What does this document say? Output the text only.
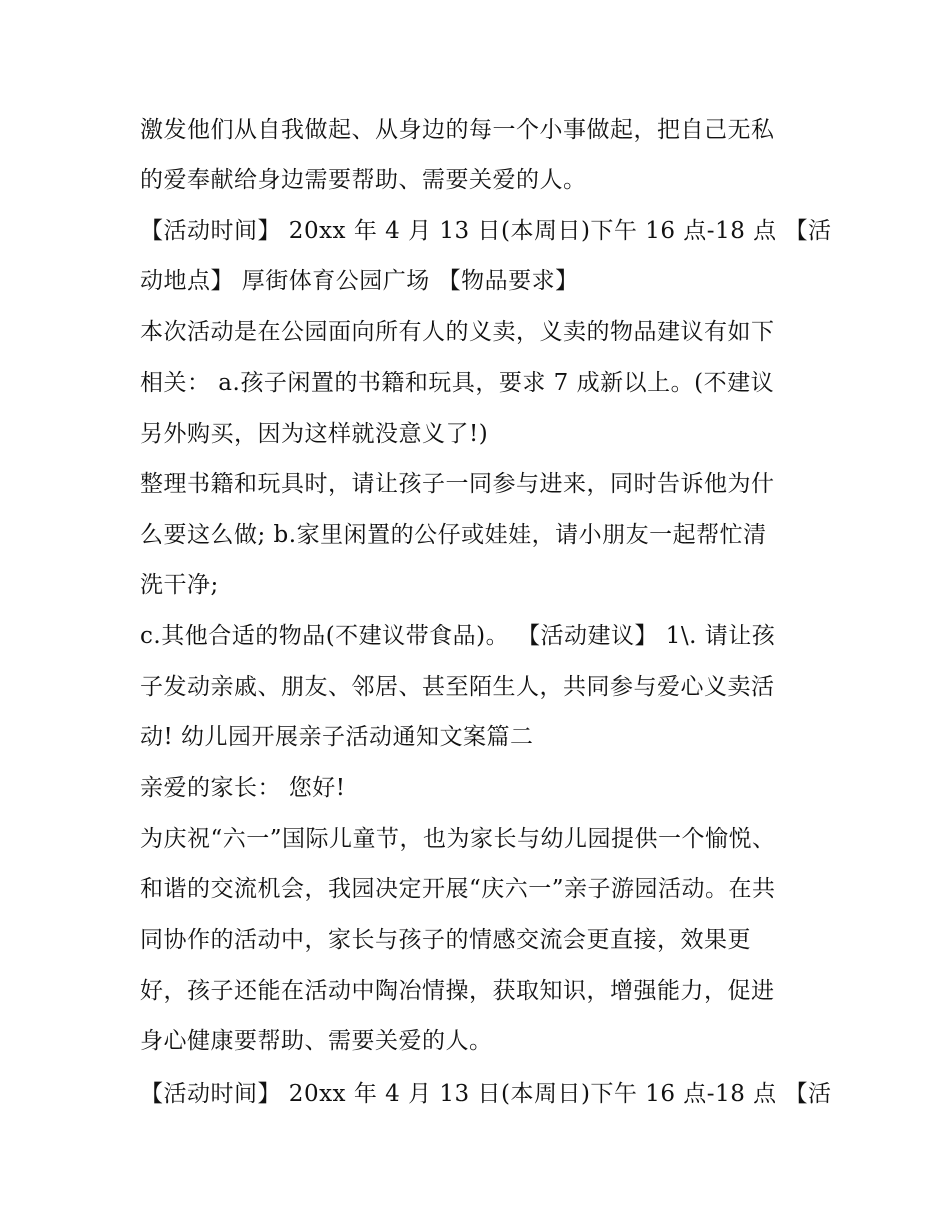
激发他们从自我做起、从身边的每一个小事做起，把自己无私
的爱奉献给身边需要帮助、需要关爱的人。
【活动时间】 20xx 年 4 月 13 日(本周日)下午 16 点-18 点 【活
动地点】 厚街体育公园广场 【物品要求】
本次活动是在公园面向所有人的义卖，义卖的物品建议有如下
相关： a.孩子闲置的书籍和玩具，要求 7 成新以上。(不建议
另外购买，因为这样就没意义了!)
整理书籍和玩具时，请让孩子一同参与进来，同时告诉他为什
么要这么做; b.家里闲置的公仔或娃娃，请小朋友一起帮忙清
洗干净;
c.其他合适的物品(不建议带食品)。 【活动建议】 1\. 请让孩
子发动亲戚、朋友、邻居、甚至陌生人，共同参与爱心义卖活
动! 幼儿园开展亲子活动通知文案篇二
亲爱的家长： 您好!
为庆祝“六一”国际儿童节，也为家长与幼儿园提供一个愉悦、
和谐的交流机会，我园决定开展“庆六一”亲子游园活动。在共
同协作的活动中，家长与孩子的情感交流会更直接，效果更
好，孩子还能在活动中陶冶情操，获取知识，增强能力，促进
身心健康要帮助、需要关爱的人。
【活动时间】 20xx 年 4 月 13 日(本周日)下午 16 点-18 点 【活
